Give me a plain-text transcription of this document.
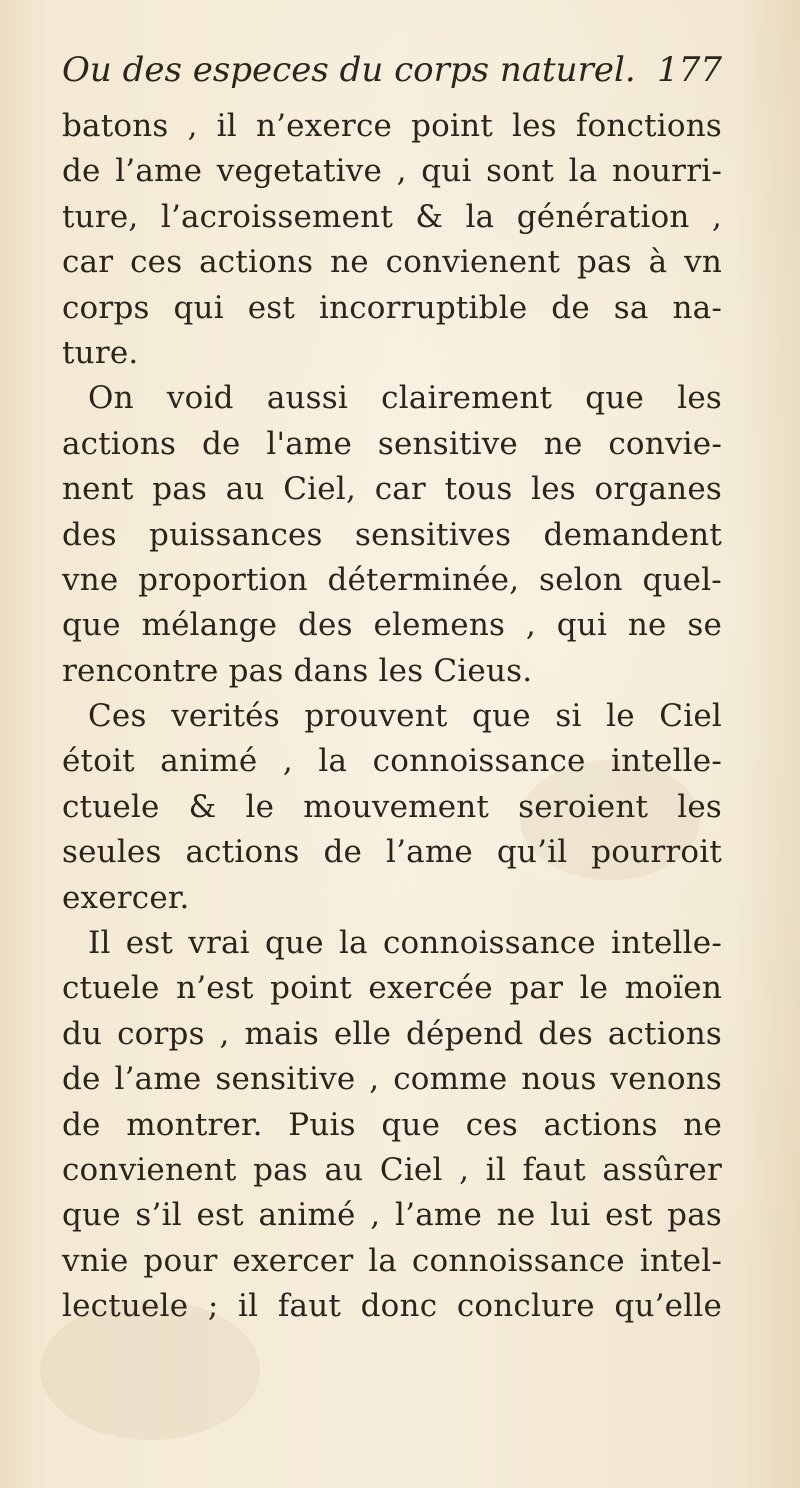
Ou des especes du corps naturel. 177
batons , il n’exerce point les fonctions
de l’ame vegetative , qui sont la nourri-
ture, l’acroissement & la génération ,
car ces actions ne convienent pas à vn
corps qui est incorruptible de sa na-
ture.
On void aussi clairement que les
actions de l'ame sensitive ne convie-
nent pas au Ciel, car tous les organes
des puissances sensitives demandent
vne proportion déterminée, selon quel-
que mélange des elemens , qui ne se
rencontre pas dans les Cieus.
Ces verités prouvent que si le Ciel
étoit animé , la connoissance intelle-
ctuele & le mouvement seroient les
seules actions de l’ame qu’il pourroit
exercer.
Il est vrai que la connoissance intelle-
ctuele n’est point exercée par le moïen
du corps , mais elle dépend des actions
de l’ame sensitive , comme nous venons
de montrer. Puis que ces actions ne
convienent pas au Ciel , il faut assûrer
que s’il est animé , l’ame ne lui est pas
vnie pour exercer la connoissance intel-
lectuele ; il faut donc conclure qu’elle
